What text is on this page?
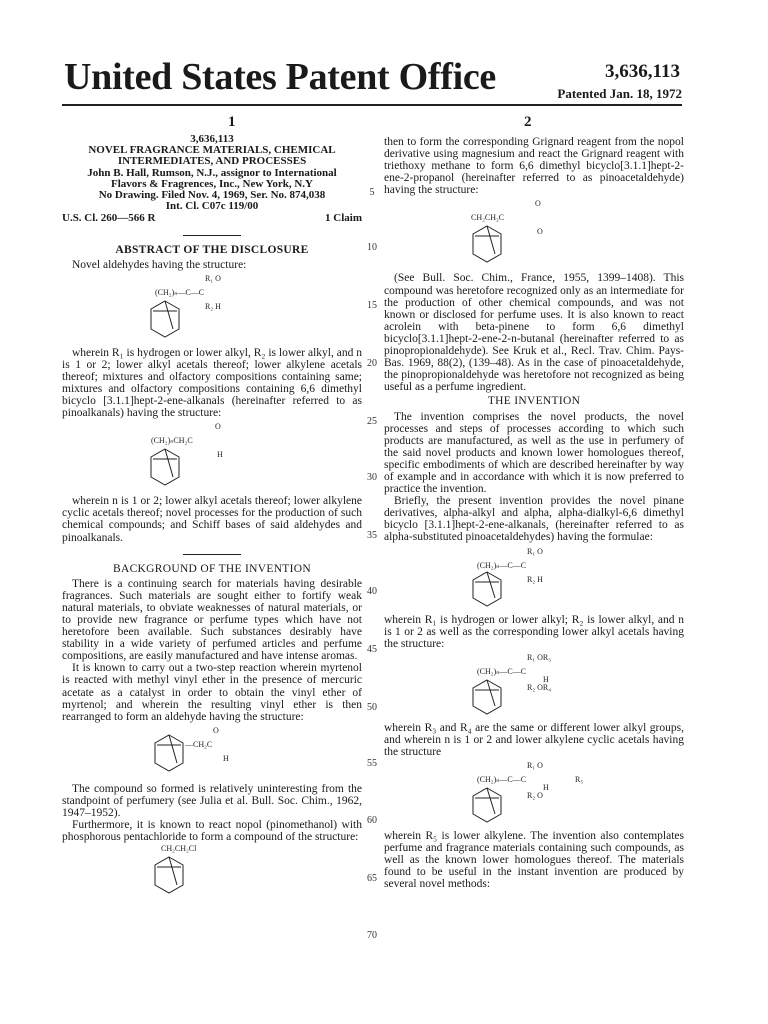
United States Patent Office	3,636,113
Patented Jan. 18, 1972
1	2
5
10
15
20
25
30
35
40
45
50
55
60
65
70
3,636,113
NOVEL FRAGRANCE MATERIALS, CHEMICAL
INTERMEDIATES, AND PROCESSES
John B. Hall, Rumson, N.J., assignor to International
Flavors & Fragrences, Inc., New York, N.Y
No Drawing. Filed Nov. 4, 1969, Ser. No. 874,038
Int. Cl. C07c 119/00
U.S. Cl. 260—566 R	1 Claim
ABSTRACT OF THE DISCLOSURE

Novel aldehydes having the structure:

R₁ O
(CH₂)ₙ—C—C
R₂ H

wherein R₁ is hydrogen or lower alkyl, R₂ is lower alkyl, and n is 1 or 2; lower alkyl acetals thereof; lower alkylene acetals thereof; mixtures and olfactory compositions containing same; mixtures and olfactory compositions containing 6,6 dimethyl bicyclo [3.1.1]hept-2-ene-alkanals (hereinafter referred to as pinoalkanals) having the structure:

O
(CH₂)ₙCH₂C
H

wherein n is 1 or 2; lower alkyl acetals thereof; lower alkylene cyclic acetals thereof; novel processes for the production of such chemical compounds; and Schiff bases of said aldehydes and pinoalkanals.

BACKGROUND OF THE INVENTION

There is a continuing search for materials having desirable fragrances. Such materials are sought either to fortify weak natural materials, to obviate weaknesses of natural materials, or to provide new fragrance or perfume types which have not heretofore been available. Such substances desirably have stability in a wide variety of perfumed articles and perfume compositions, are easily manufactured and have intense aromas.

It is known to carry out a two-step reaction wherein myrtenol is reacted with methyl vinyl ether in the presence of mercuric acetate as a catalyst in order to obtain the vinyl ether of myrtenol; and wherein the resulting vinyl ether is then rearranged to form an aldehyde having the structure:

O
—CH₂C
H

The compound so formed is relatively uninteresting from the standpoint of perfumery (see Julia et al. Bull. Soc. Chim., 1962, 1947–1952).

Furthermore, it is known to react nopol (pinomethanol) with phosphorous pentachloride to form a compound of the structure:

CH₂CH₂Cl

then to form the corresponding Grignard reagent from the nopol derivative using magnesium and react the Grignard reagent with triethoxy methane to form 6,6 dimethyl bicyclo[3.1.1]hept-2-ene-2-propanol (hereinafter referred to as pinoacetaldehyde) having the structure:

O
CH₂CH₂C
O

(See Bull. Soc. Chim., France, 1955, 1399–1408). This compound was heretofore recognized only as an intermediate for the production of other chemical compounds, and was not known or disclosed for perfume uses. It is also known to react acrolein with beta-pinene to form 6,6 dimethyl bicyclo[3.1.1]hept-2-ene-2-n-butanal (hereinafter referred to as pinopropionaldehyde). See Kruk et al., Recl. Trav. Chim. Pays-Bas. 1969, 88(2), (139–48). As in the case of pinoacetaldehyde, the pinopropionaldehyde was heretofore not recognized as being useful as a perfume ingredient.

THE INVENTION

The invention comprises the novel products, the novel processes and steps of processes according to which such products are manufactured, as well as the use in perfumery of the said novel products and known lower homologues thereof, specific embodiments of which are described hereinafter by way of example and in accordance with which it is now preferred to practice the invention.

Briefly, the present invention provides the novel pinane derivatives, alpha-alkyl and alpha, alpha-dialkyl-6,6 dimethyl bicyclo [3.1.1]hept-2-ene-alkanals, (hereinafter referred to as alpha-substituted pinoacetaldehydes) having the formulae:

R₁ O
(CH₂)ₙ—C—C
R₂ H

wherein R₁ is hydrogen or lower alkyl; R₂ is lower alkyl, and n is 1 or 2 as well as the corresponding lower alkyl acetals having the structure:

R₁ OR₃
(CH₂)ₙ—C—C
H
R₂ OR₄

wherein R₃ and R₄ are the same or different lower alkyl groups, and wherein n is 1 or 2 and lower alkylene cyclic acetals having the structure

R₁ O
(CH₂)ₙ—C—C
H
R₅
R₂ O

wherein R₅ is lower alkylene. The invention also contemplates perfume and fragrance materials containing such compounds, as well as the known lower homologues thereof. The materials found to be useful in the instant invention are produced by several novel methods:
